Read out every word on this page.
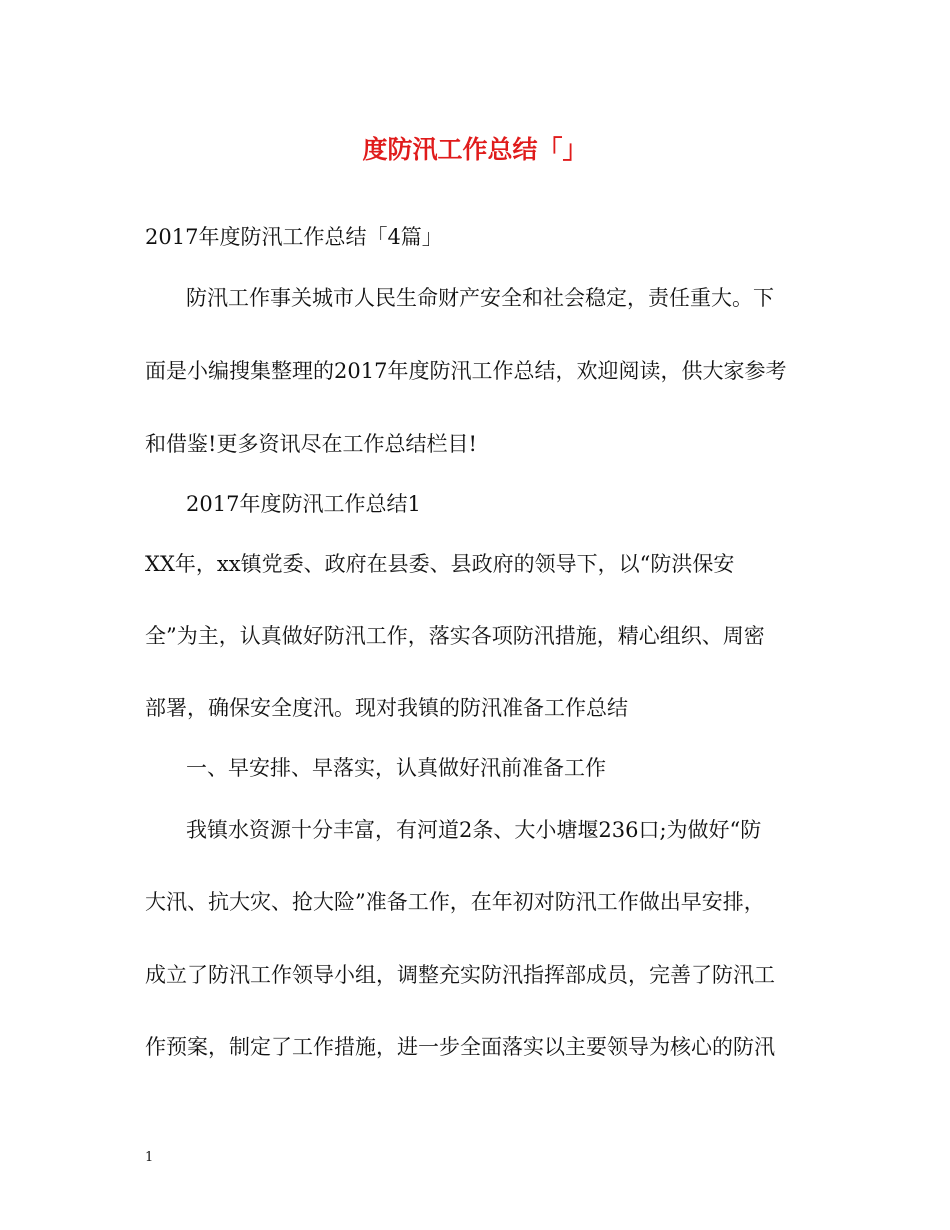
度防汛工作总结「」
2017年度防汛工作总结「4篇」
防汛工作事关城市人民生命财产安全和社会稳定，责任重大。下
面是小编搜集整理的2017年度防汛工作总结，欢迎阅读，供大家参考
和借鉴!更多资讯尽在工作总结栏目!
2017年度防汛工作总结1
XX年，xx镇党委、政府在县委、县政府的领导下，以“防洪保安
全”为主，认真做好防汛工作，落实各项防汛措施，精心组织、周密
部署，确保安全度汛。现对我镇的防汛准备工作总结
一、早安排、早落实，认真做好汛前准备工作
我镇水资源十分丰富，有河道2条、大小塘堰236口;为做好“防
大汛、抗大灾、抢大险”准备工作，在年初对防汛工作做出早安排，
成立了防汛工作领导小组，调整充实防汛指挥部成员，完善了防汛工
作预案，制定了工作措施，进一步全面落实以主要领导为核心的防汛
1
